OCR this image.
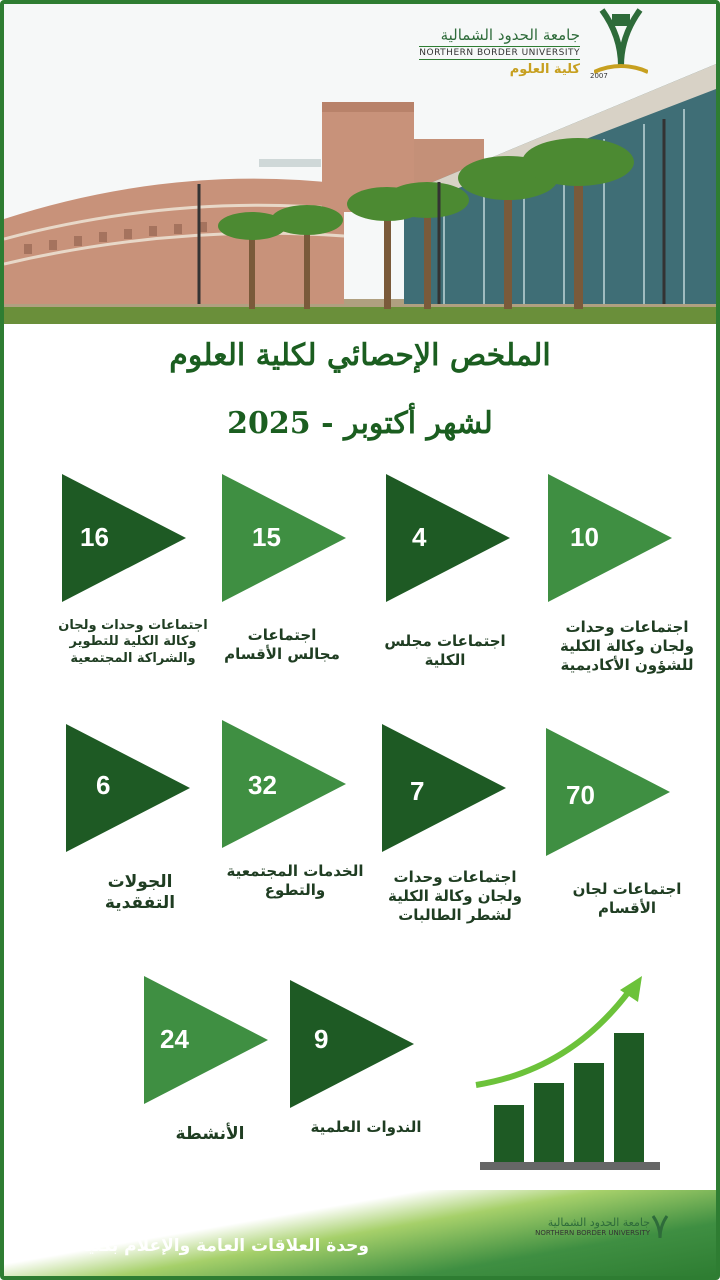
جامعة الحدود الشمالية
NORTHERN BORDER UNIVERSITY
كلية العلوم 2007
الملخص الإحصائي لكلية العلوم
لشهر أكتوبر - 2025
16
اجتماعات وحدات ولجان وكالة الكلية للتطوير والشراكة المجتمعية
15
اجتماعات مجالس الأقسام
4
اجتماعات مجلس الكلية
10
اجتماعات وحدات ولجان وكالة الكلية للشؤون الأكاديمية
6
الجولات التفقدية
32
الخدمات المجتمعية والتطوع
7
اجتماعات وحدات ولجان وكالة الكلية لشطر الطالبات
70
اجتماعات لجان الأقسام
24
الأنشطة
9
الندوات العلمية
وحدة العلاقات العامة والإعلام بكلية العلوم
جامعة الحدود الشمالية
NORTHERN BORDER UNIVERSITY
